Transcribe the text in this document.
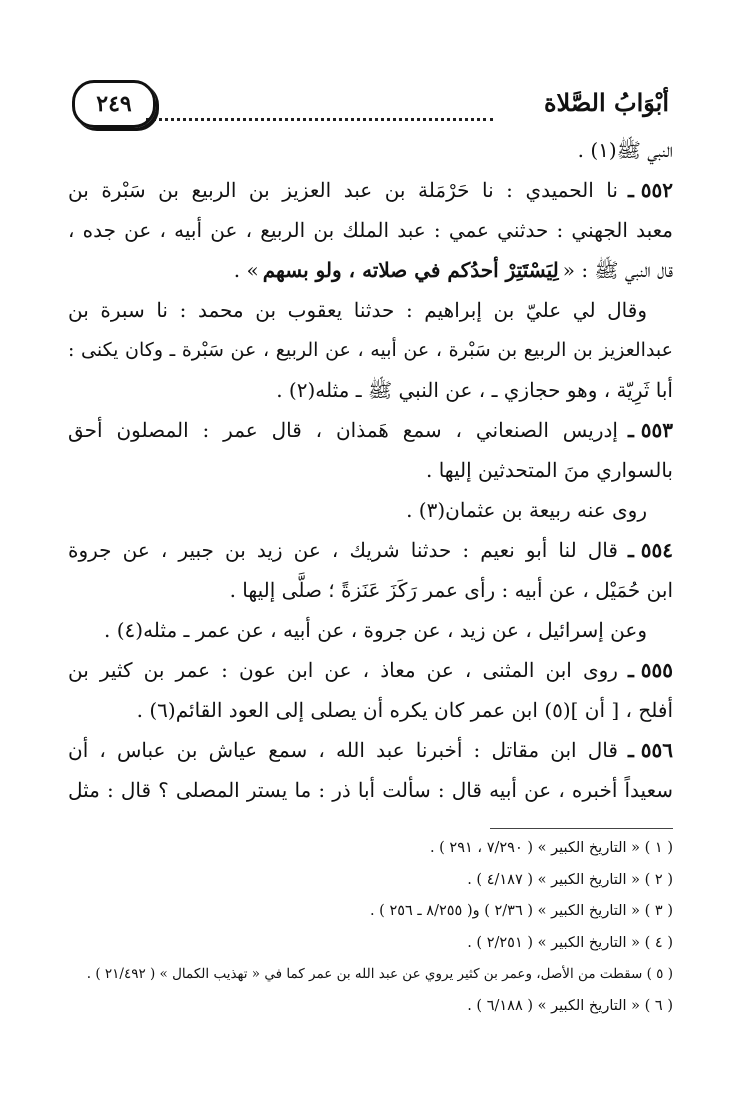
أبْوَابُ الصَّلاة
٢٤٩
النبي ﷺ(١) .
٥٥٢ ـ
نا الحميدي : نا حَرْمَلة بن عبد العزيز بن الربيع بن سَبْرة بن
معبد الجهني : حدثني عمي : عبد الملك بن الربيع ، عن أبيه ، عن جده ،
قال النبي ﷺ : «
لِيَسْتَتِرْ أحدُكم في صلاته ، ولو بسهم
» .
وقال لي عليّ بن إبراهيم : حدثنا يعقوب بن محمد : نا سبرة بن
عبدالعزيز بن الربيع بن سَبْرة ، عن أبيه ، عن الربيع ، عن سَبْرة ـ وكان يكنى :
أبا ثَرِيّة ، وهو حجازي ـ ، عن النبي ﷺ ـ مثله(٢) .
٥٥٣ ـ
إدريس الصنعاني ، سمع هَمذان ، قال عمر : المصلون أحق
بالسواري منَ المتحدثين إليها .
روى عنه ربيعة بن عثمان(٣) .
٥٥٤ ـ
قال لنا أبو نعيم : حدثنا شريك ، عن زيد بن جبير ، عن جروة
ابن حُمَيْل ، عن أبيه : رأى عمر رَكَزَ عَنَزةً ؛ صلَّى إليها .
وعن إسرائيل ، عن زيد ، عن جروة ، عن أبيه ، عن عمر ـ مثله(٤) .
٥٥٥ ـ
روى ابن المثنى ، عن معاذ ، عن ابن عون : عمر بن كثير بن
أفلح ، [ أن ](٥) ابن عمر كان يكره أن يصلى إلى العود القائم(٦) .
٥٥٦ ـ
قال ابن مقاتل : أخبرنا عبد الله ، سمع عياش بن عباس ، أن
سعيداً أخبره ، عن أبيه قال : سألت أبا ذر : ما يستر المصلى ؟ قال : مثل
( ١ ) « التاريخ الكبير » ( ٧/٢٩٠ ، ٢٩١ ) .
( ٢ ) « التاريخ الكبير » ( ٤/١٨٧ ) .
( ٣ ) « التاريخ الكبير » ( ٢/٣٦ ) و( ٨/٢٥٥ ـ ٢٥٦ ) .
( ٤ ) « التاريخ الكبير » ( ٢/٢٥١ ) .
( ٥ ) سقطت من الأصل، وعمر بن كثير يروي عن عبد الله بن عمر كما في « تهذيب الكمال » ( ٢١/٤٩٢ ) .
( ٦ ) « التاريخ الكبير » ( ٦/١٨٨ ) .
